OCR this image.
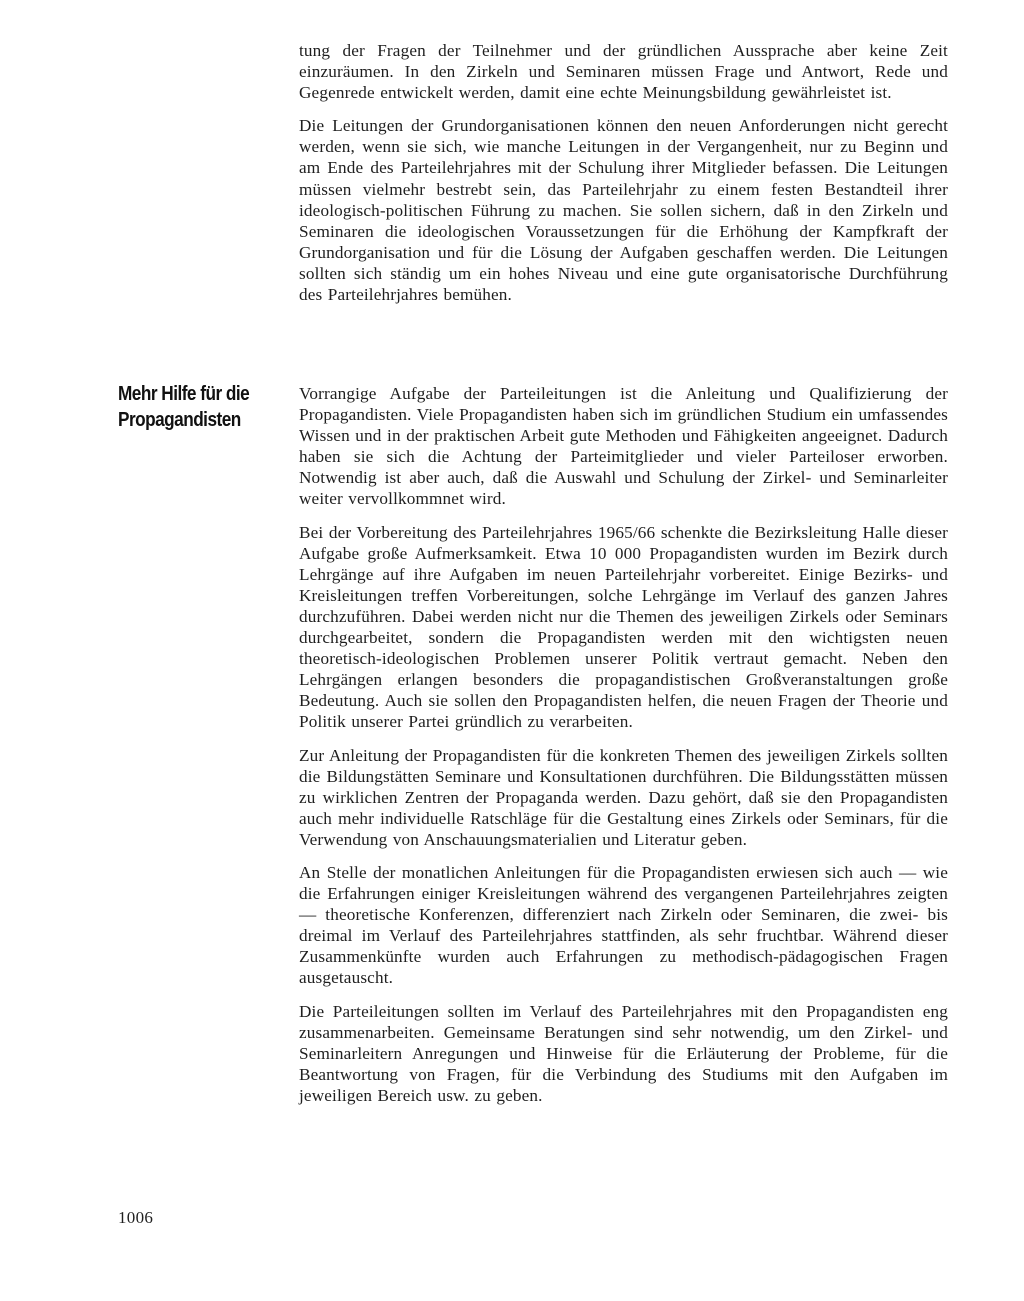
tung der Fragen der Teilnehmer und der gründlichen Aussprache aber keine Zeit einzuräumen. In den Zirkeln und Seminaren müssen Frage und Antwort, Rede und Gegenrede entwickelt werden, damit eine echte Meinungsbildung gewährleistet ist.

Die Leitungen der Grundorganisationen können den neuen Anforderungen nicht gerecht werden, wenn sie sich, wie manche Leitungen in der Vergangenheit, nur zu Beginn und am Ende des Parteilehrjahres mit der Schulung ihrer Mitglieder befassen. Die Leitungen müssen vielmehr bestrebt sein, das Parteilehrjahr zu einem festen Bestandteil ihrer ideologisch-politischen Führung zu machen. Sie sollen sichern, daß in den Zirkeln und Seminaren die ideologischen Voraussetzungen für die Erhöhung der Kampfkraft der Grundorganisation und für die Lösung der Aufgaben geschaffen werden. Die Leitungen sollten sich ständig um ein hohes Niveau und eine gute organisatorische Durchführung des Parteilehrjahres bemühen.

Mehr Hilfe für die
Propagandisten

Vorrangige Aufgabe der Parteileitungen ist die Anleitung und Qualifizierung der Propagandisten. Viele Propagandisten haben sich im gründlichen Studium ein umfassendes Wissen und in der praktischen Arbeit gute Methoden und Fähigkeiten angeeignet. Dadurch haben sie sich die Achtung der Parteimitglieder und vieler Parteiloser erworben. Notwendig ist aber auch, daß die Auswahl und Schulung der Zirkel- und Seminarleiter weiter vervollkommnet wird.

Bei der Vorbereitung des Parteilehrjahres 1965/66 schenkte die Bezirksleitung Halle dieser Aufgabe große Aufmerksamkeit. Etwa 10 000 Propagandisten wurden im Bezirk durch Lehrgänge auf ihre Aufgaben im neuen Parteilehrjahr vorbereitet. Einige Bezirks- und Kreisleitungen treffen Vorbereitungen, solche Lehrgänge im Verlauf des ganzen Jahres durchzuführen. Dabei werden nicht nur die Themen des jeweiligen Zirkels oder Seminars durchgearbeitet, sondern die Propagandisten werden mit den wichtigsten neuen theoretisch-ideologischen Problemen unserer Politik vertraut gemacht. Neben den Lehrgängen erlangen besonders die propagandistischen Großveranstaltungen große Bedeutung. Auch sie sollen den Propagandisten helfen, die neuen Fragen der Theorie und Politik unserer Partei gründlich zu verarbeiten.

Zur Anleitung der Propagandisten für die konkreten Themen des jeweiligen Zirkels sollten die Bildungstätten Seminare und Konsultationen durchführen. Die Bildungsstätten müssen zu wirklichen Zentren der Propaganda werden. Dazu gehört, daß sie den Propagandisten auch mehr individuelle Ratschläge für die Gestaltung eines Zirkels oder Seminars, für die Verwendung von Anschauungsmaterialien und Literatur geben.

An Stelle der monatlichen Anleitungen für die Propagandisten erwiesen sich auch — wie die Erfahrungen einiger Kreisleitungen während des vergangenen Parteilehrjahres zeigten — theoretische Konferenzen, differenziert nach Zirkeln oder Seminaren, die zwei- bis dreimal im Verlauf des Parteilehrjahres stattfinden, als sehr fruchtbar. Während dieser Zusammenkünfte wurden auch Erfahrungen zu methodisch-pädagogischen Fragen ausgetauscht.

Die Parteileitungen sollten im Verlauf des Parteilehrjahres mit den Propagandisten eng zusammenarbeiten. Gemeinsame Beratungen sind sehr notwendig, um den Zirkel- und Seminarleitern Anregungen und Hinweise für die Erläuterung der Probleme, für die Beantwortung von Fragen, für die Verbindung des Studiums mit den Aufgaben im jeweiligen Bereich usw. zu geben.

1006
